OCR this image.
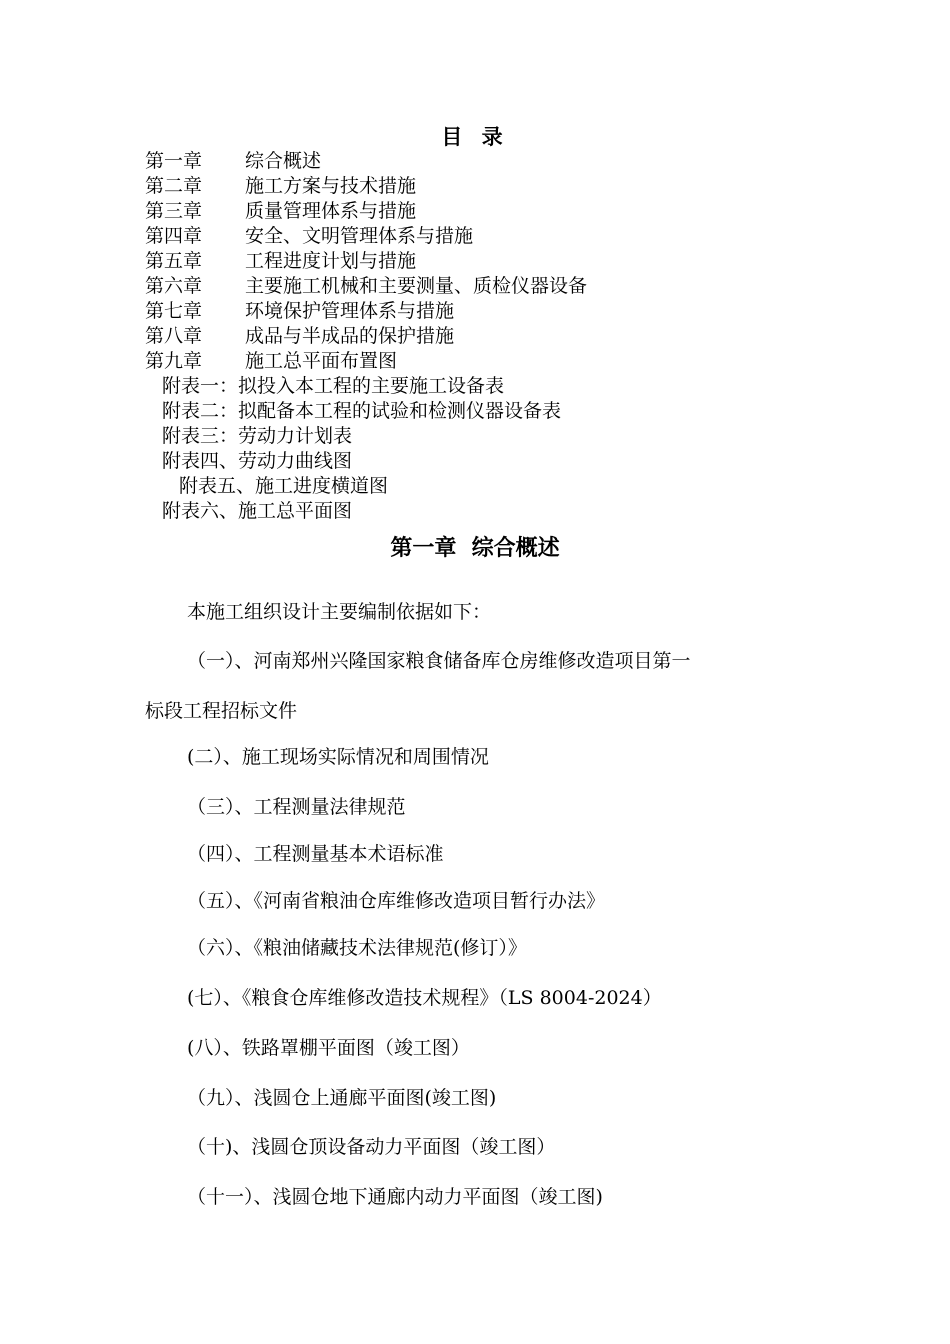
目 录
第一章 综合概述
第二章 施工方案与技术措施
第三章 质量管理体系与措施
第四章 安全、文明管理体系与措施
第五章 工程进度计划与措施
第六章 主要施工机械和主要测量、质检仪器设备
第七章 环境保护管理体系与措施
第八章 成品与半成品的保护措施
第九章 施工总平面布置图
附表一：拟投入本工程的主要施工设备表
附表二：拟配备本工程的试验和检测仪器设备表
附表三：劳动力计划表
附表四、劳动力曲线图
附表五、施工进度横道图
附表六、施工总平面图
第一章  综合概述
本施工组织设计主要编制依据如下：
（一）、河南郑州兴隆国家粮食储备库仓房维修改造项目第一
标段工程招标文件
(二）、施工现场实际情况和周围情况
（三）、工程测量法律规范
（四）、工程测量基本术语标准
（五）、《河南省粮油仓库维修改造项目暂行办法》
（六）、《粮油储藏技术法律规范(修订）》
(七）、《粮食仓库维修改造技术规程》（LS 8004-2024）
(八）、铁路罩棚平面图（竣工图）
（九）、浅圆仓上通廊平面图(竣工图)
（十)、浅圆仓顶设备动力平面图（竣工图）
（十一）、浅圆仓地下通廊内动力平面图（竣工图)
